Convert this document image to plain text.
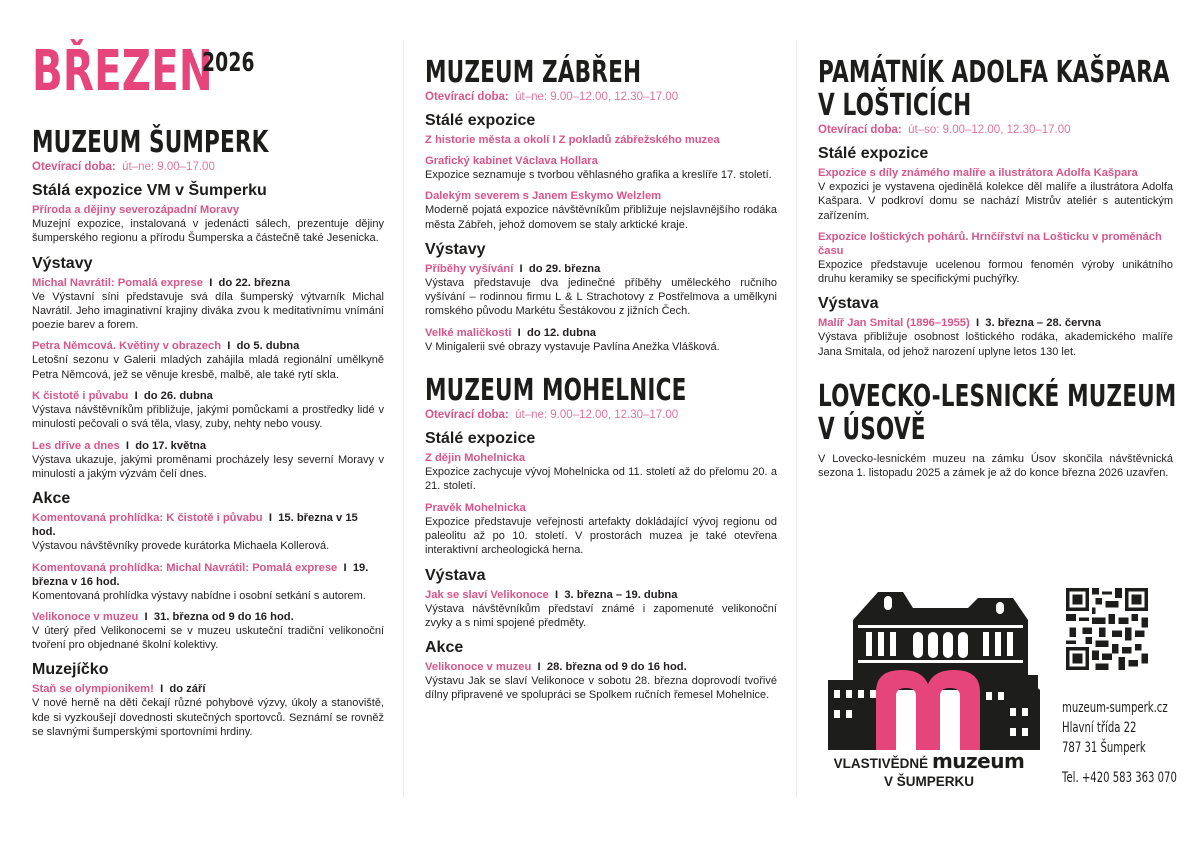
BŘEZEN
2026
MUZEUM ŠUMPERK
Otevírací doba: út–ne: 9.00–17.00
Stálá expozice VM v Šumperku
Příroda a dějiny severozápadní Moravy
Muzejní expozice, instalovaná v jedenácti sálech, prezentuje dějiny šumperského regionu a přírodu Šumperska a částečně také Jesenicka.
Výstavy
Michal Navrátil: Pomalá exprese  I  do 22. března
Ve Výstavní síni představuje svá díla šumperský výtvarník Michal Navrátil. Jeho imaginativní krajiny diváka zvou k meditativnímu vnímání poezie barev a forem.
Petra Němcová. Květiny v obrazech  I  do 5. dubna
Letošní sezonu v Galerii mladých zahájila mladá regionální umělkyně Petra Němcová, jež se věnuje kresbě, malbě, ale také rytí skla.
K čistotě i půvabu  I  do 26. dubna
Výstava návštěvníkům přibližuje, jakými pomůckami a prostředky lidé v minulosti pečovali o svá těla, vlasy, zuby, nehty nebo vousy.
Les dříve a dnes  I  do 17. května
Výstava ukazuje, jakými proměnami procházely lesy severní Moravy v minulosti a jakým výzvám čelí dnes.
Akce
Komentovaná prohlídka: K čistotě i půvabu  I  15. března v 15 hod.
Výstavou návštěvníky provede kurátorka Michaela Kollerová.
Komentovaná prohlídka: Michal Navrátil: Pomalá exprese  I  19. března v 16 hod.
Komentovaná prohlídka výstavy nabídne i osobní setkání s autorem.
Velikonoce v muzeu  I  31. března od 9 do 16 hod.
V úterý před Velikonocemi se v muzeu uskuteční tradiční velikonoční tvoření pro objednané školní kolektivy.
Muzejíčko
Staň se olympionikem!  I  do září
V nové herně na děti čekají různé pohybové výzvy, úkoly a stanoviště, kde si vyzkoušejí dovednosti skutečných sportovců. Seznámí se rovněž se slavnými šumperskými sportovními hrdiny.
MUZEUM ZÁBŘEH
Otevírací doba: út–ne: 9.00–12.00, 12.30–17.00
Stálé expozice
Z historie města a okolí I Z pokladů zábřežského muzea
Grafický kabinet Václava Hollara
Expozice seznamuje s tvorbou věhlasného grafika a kreslíře 17. století.
Dalekým severem s Janem Eskymo Welzlem
Moderně pojatá expozice návštěvníkům přibližuje nejslavnějšího rodáka města Zábřeh, jehož domovem se staly arktické kraje.
Výstavy
Příběhy vyšívání  I  do 29. března
Výstava představuje dva jedinečné příběhy uměleckého ručního vyšívání – rodinnou firmu L & L Strachotovy z Postřelmova a umělkyni romského původu Markétu Šestákovou z jižních Čech.
Velké maličkosti  I  do 12. dubna
V Minigalerii své obrazy vystavuje Pavlína Anežka Vlášková.
MUZEUM MOHELNICE
Otevírací doba: út–ne: 9.00–12.00, 12.30–17.00
Stálé expozice
Z dějin Mohelnicka
Expozice zachycuje vývoj Mohelnicka od 11. století až do přelomu 20. a 21. století.
Pravěk Mohelnicka
Expozice představuje veřejnosti artefakty dokládající vývoj regionu od paleolitu až po 10. století. V prostorách muzea je také otevřena interaktivní archeologická herna.
Výstava
Jak se slaví Velikonoce  I  3. března – 19. dubna
Výstava návštěvníkům představí známé i zapomenuté velikonoční zvyky a s nimi spojené předměty.
Akce
Velikonoce v muzeu  I  28. března od 9 do 16 hod.
Výstavu Jak se slaví Velikonoce v sobotu 28. března doprovodí tvořivé dílny připravené ve spolupráci se Spolkem ručních řemesel Mohelnice.
PAMÁTNÍK ADOLFA KAŠPARA
V LOŠTICÍCH
Otevírací doba: út–so: 9.00–12.00, 12.30–17.00
Stálé expozice
Expozice s díly známého malíře a ilustrátora Adolfa Kašpara
V expozici je vystavena ojedinělá kolekce děl malíře a ilustrátora Adolfa Kašpara. V podkroví domu se nachází Mistrův ateliér s autentickým zařízením.
Expozice loštických pohárů. Hrnčířství na Lošticku v proměnách času
Expozice představuje ucelenou formou fenomén výroby unikátního druhu keramiky se specifickými puchýřky.
Výstava
Malíř Jan Smital (1896–1955)  I  3. března – 28. června
Výstava přibližuje osobnost loštického rodáka, akademického malíře Jana Smitala, od jehož narození uplyne letos 130 let.
LOVECKO-LESNICKÉ MUZEUM
V ÚSOVĚ
V Lovecko-lesnickém muzeu na zámku Úsov skončila návštěvnická sezona 1. listopadu 2025 a zámek je až do konce března 2026 uzavřen.
VLASTIVĚDNÉ muzeum
V ŠUMPERKU
muzeum-sumperk.cz
Hlavní třída 22
787 31 Šumperk
Tel. +420 583 363 070
